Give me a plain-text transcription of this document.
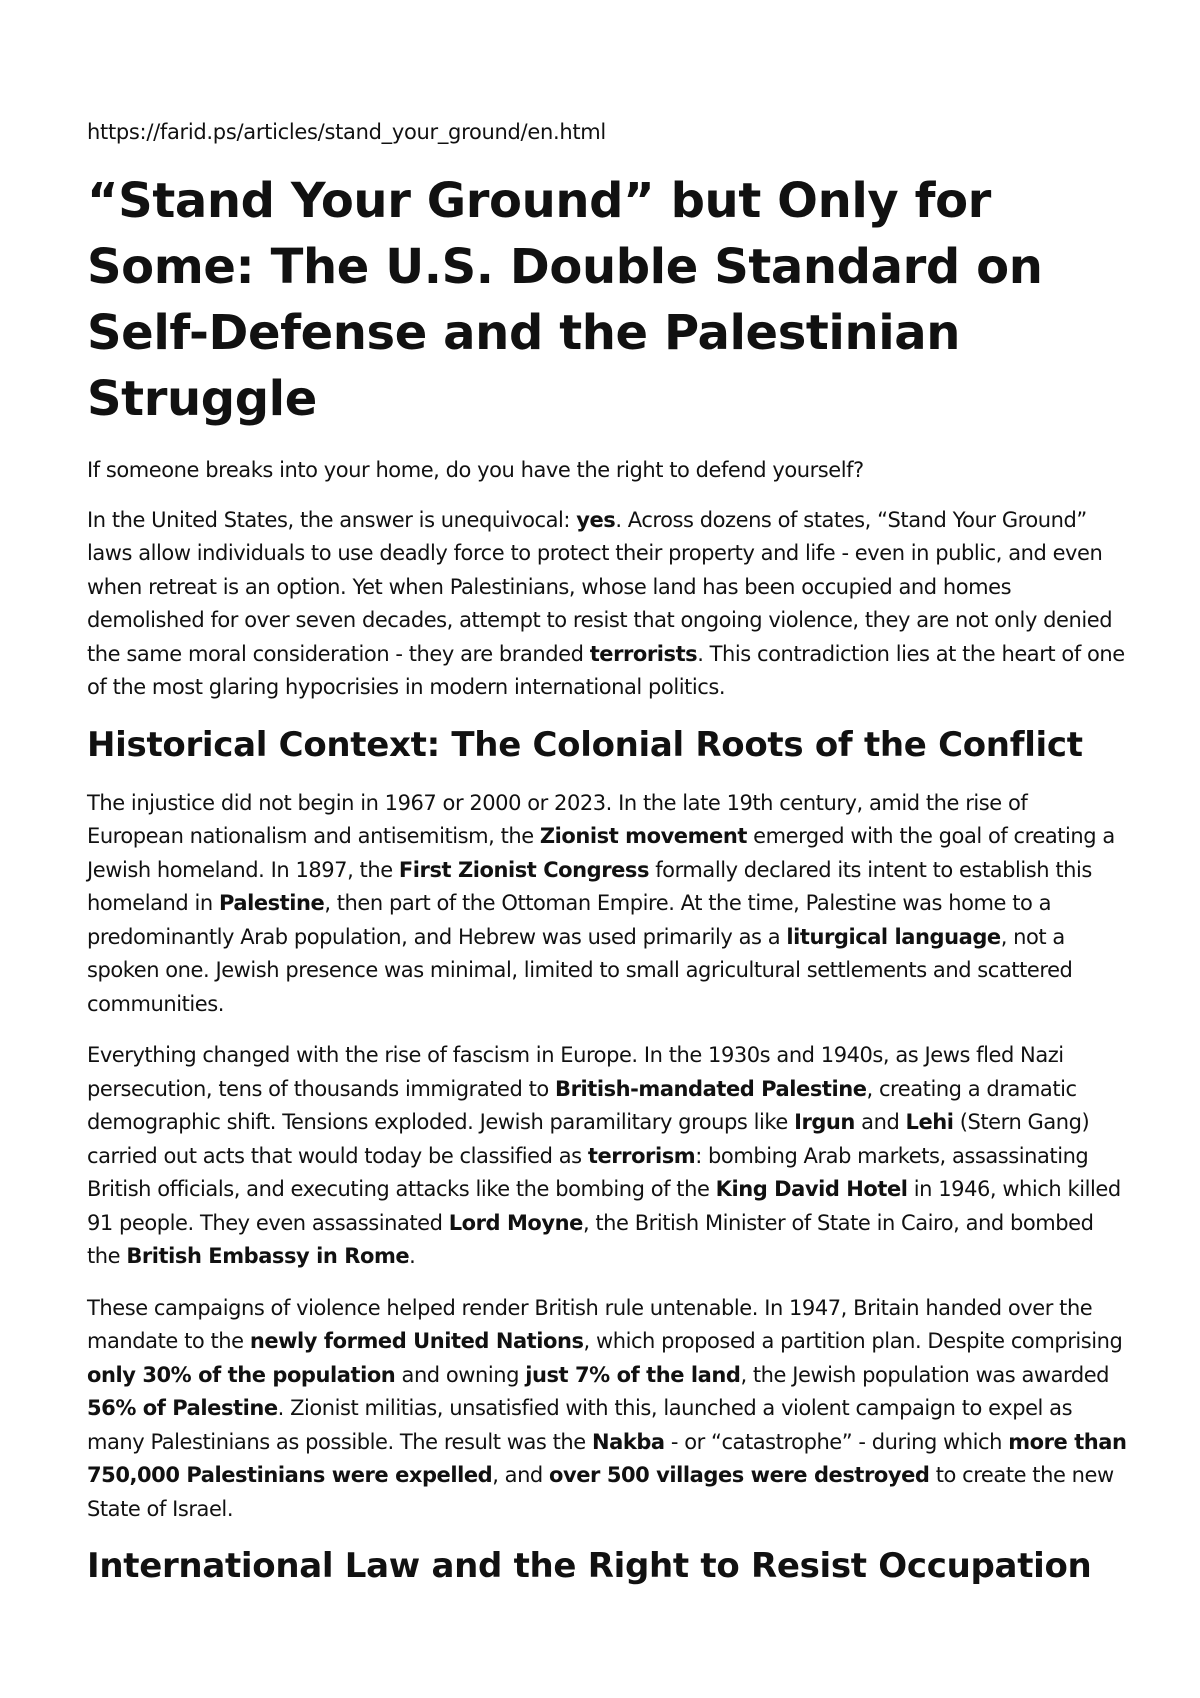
https://farid.ps/articles/stand_your_ground/en.html
“Stand Your Ground” but Only for Some: The U.S. Double Standard on Self-Defense and the Palestinian Struggle

If someone breaks into your home, do you have the right to defend yourself?

In the United States, the answer is unequivocal: yes. Across dozens of states, “Stand Your Ground” laws allow individuals to use deadly force to protect their property and life - even in public, and even when retreat is an option. Yet when Palestinians, whose land has been occupied and homes demolished for over seven decades, attempt to resist that ongoing violence, they are not only denied the same moral consideration - they are branded terrorists. This contradiction lies at the heart of one of the most glaring hypocrisies in modern international politics.

Historical Context: The Colonial Roots of the Conflict

The injustice did not begin in 1967 or 2000 or 2023. In the late 19th century, amid the rise of European nationalism and antisemitism, the Zionist movement emerged with the goal of creating a Jewish homeland. In 1897, the First Zionist Congress formally declared its intent to establish this homeland in Palestine, then part of the Ottoman Empire. At the time, Palestine was home to a predominantly Arab population, and Hebrew was used primarily as a liturgical language, not a spoken one. Jewish presence was minimal, limited to small agricultural settlements and scattered communities.

Everything changed with the rise of fascism in Europe. In the 1930s and 1940s, as Jews fled Nazi persecution, tens of thousands immigrated to British-mandated Palestine, creating a dramatic demographic shift. Tensions exploded. Jewish paramilitary groups like Irgun and Lehi (Stern Gang) carried out acts that would today be classified as terrorism: bombing Arab markets, assassinating British officials, and executing attacks like the bombing of the King David Hotel in 1946, which killed 91 people. They even assassinated Lord Moyne, the British Minister of State in Cairo, and bombed the British Embassy in Rome.

These campaigns of violence helped render British rule untenable. In 1947, Britain handed over the mandate to the newly formed United Nations, which proposed a partition plan. Despite comprising only 30% of the population and owning just 7% of the land, the Jewish population was awarded 56% of Palestine. Zionist militias, unsatisfied with this, launched a violent campaign to expel as many Palestinians as possible. The result was the Nakba - or “catastrophe” - during which more than 750,000 Palestinians were expelled, and over 500 villages were destroyed to create the new State of Israel.

International Law and the Right to Resist Occupation
